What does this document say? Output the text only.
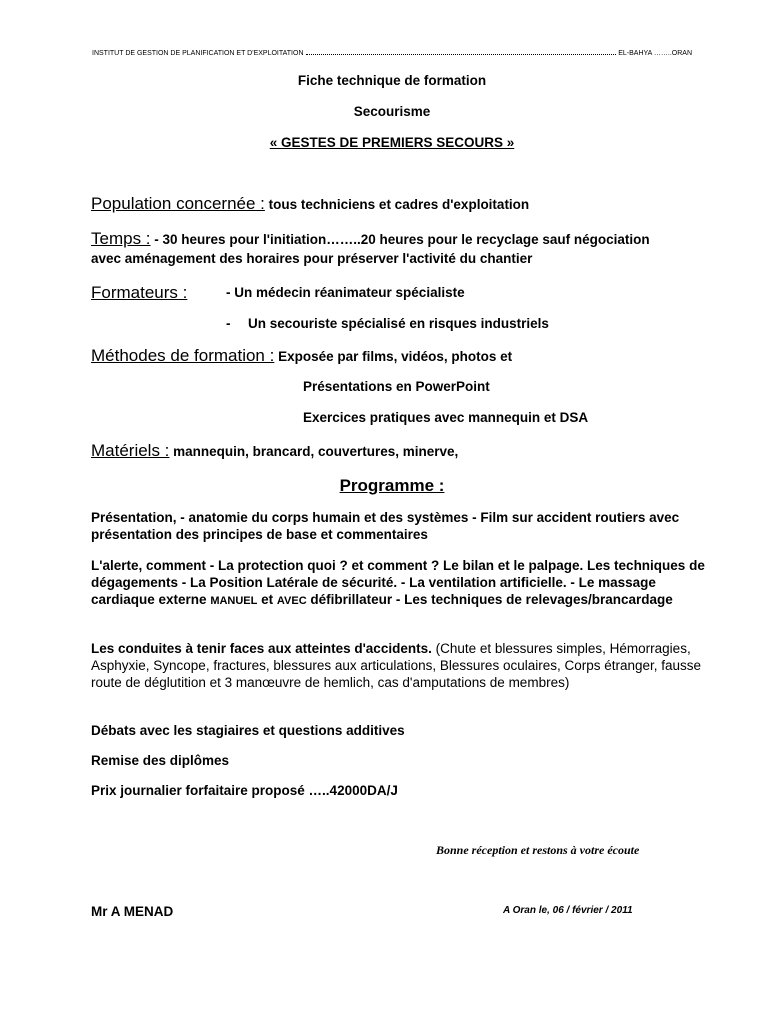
INSTITUT DE GESTION DE PLANIFICATION ET D'EXPLOITATION	EL-BAHYA ……..ORAN
Fiche technique de formation
Secourisme
« GESTES DE PREMIERS SECOURS »
Population concernée : tous techniciens et cadres d'exploitation
Temps : - 30 heures pour l'initiation……..20 heures pour le recyclage sauf négociation
avec aménagement des horaires pour préserver l'activité du chantier
Formateurs :	- Un médecin réanimateur spécialiste
- Un secouriste spécialisé en risques industriels
Méthodes de formation : Exposée par films, vidéos, photos et
Présentations en PowerPoint
Exercices pratiques avec mannequin et DSA
Matériels : mannequin, brancard, couvertures, minerve,
Programme :
Présentation, - anatomie du corps humain et des systèmes - Film sur accident routiers avec présentation des principes de base et commentaires
L'alerte, comment - La protection quoi ? et comment ? Le bilan et le palpage. Les techniques de dégagements - La Position Latérale de sécurité. - La ventilation artificielle. - Le massage cardiaque externe MANUEL et AVEC défibrillateur - Les techniques de relevages/brancardage
Les conduites à tenir faces aux atteintes d'accidents. (Chute et blessures simples, Hémorragies, Asphyxie, Syncope, fractures, blessures aux articulations, Blessures oculaires, Corps étranger, fausse route de déglutition et 3 manœuvre de hemlich, cas d'amputations de membres)
Débats avec les stagiaires et questions additives
Remise des diplômes
Prix journalier forfaitaire proposé …..42000DA/J
Bonne réception et restons à votre écoute
Mr A MENAD	A Oran le, 06 / février / 2011
